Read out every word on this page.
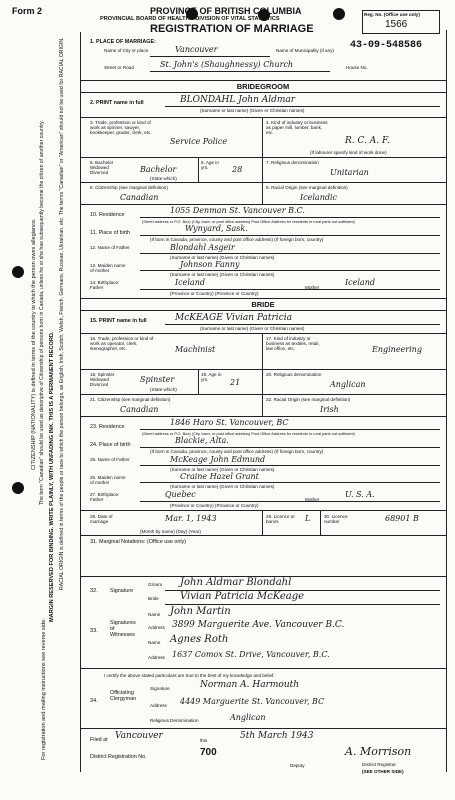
Form 2	PROVINCE OF BRITISH COLUMBIA
PROVINCIAL BOARD OF HEALTH—DIVISION OF VITAL STATISTICS
REGISTRATION OF MARRIAGE
Reg. No. (Office use only)
1566
43-09-548586
CITIZENSHIP (NATIONALITY) is defined in terms of the country to which the person owes allegiance. The term "Canadian" should be used as descriptive of Citizenship of persons born in Canada, unless he or she has subsequently become the citizen of another country.	RACIAL ORIGIN is defined in terms of the people or race to which the person belongs, as English, Irish, Scotch, Welsh, French, Germans, Russian, Ukrainian, etc. The terms "Canadian" or "American" should not be used for RACIAL ORIGIN.
MARGIN RESERVED FOR BINDING. WRITE PLAINLY, WITH UNFADING INK. THIS IS A PERMANENT RECORD.
For registration and mailing instructions see reverse side.
1. PLACE OF MARRIAGE:
Name of City or place	Vancouver	Name of Municipality (if any)
Street or Road	St. John's (Shaughnessy) Church	House No.
BRIDEGROOM
2. PRINT name in full	BLONDAHL John Aldmar
(Surname or last name) (Given or Christian names)
3. Trade, profession or kind of work as spinner, sawyer, bookkeeper, grader, clerk, etc.
Service Police
4. Kind of industry or business as paper mill, lumber, bank, etc.
R. C. A. F.
(If labourer specify kind of work done)
5. Bachelor Widowed Divorced	Bachelor
(State which)
6. Age in yrs.	28
7. Religious denomination
Unitarian
8. Citizenship (see marginal definition)
Canadian
9. Racial Origin (see marginal definition)
Icelandic
10. Residence	1055 Denman St. Vancouver B.C.
(Street address or P.O. Box) (City, town, or post office address) Post Office Address for residents in rural parts not sufficient)
11. Place of birth	Wynyard, Sask.
(If born in Canada, province, county and post office address) (If foreign born, country)
12. Name of Father	Blondahl Asgeir
(Surname or last name) (Given or Christian names)
13. Maiden name of mother
Johnson Fanny
(Surname or last name) (Given or Christian names)
14. Birthplace: Father
Iceland
Mother
Iceland
(Province or Country) (Province or Country)
BRIDE
15. PRINT name in full	McKEAGE Vivian Patricia
(Surname or last name) (Given or Christian names)
16. Trade, profession or kind of work as operator, clerk, stenographer, etc.	Machinist
17. Kind of industry or business as textiles, retail, law office, etc.	Engineering
18. Spinster Widowed Divorced
Spinster
(State which)
19. Age in yrs.	21
20. Religious denomination
Anglican
21. Citizenship (see marginal definition)
Canadian
22. Racial Origin (see marginal definition)
Irish
23. Residence	1846 Haro St. Vancouver, BC
(Street address or P.O. Box) (City, town, or post office address) Post Office Address for residents in rural parts not sufficient)
24. Place of birth	Blackie, Alta.
(If born in Canada, province, county and post office address) (If foreign born, country)
25. Name of Father	McKeage John Edmund
(Surname or last name) (Given or Christian names)
26. Maiden name of mother
Craine Hazel Grant
(Surname or last name) (Given or Christian names)
27. Birthplace: Father
Quebec
Mother
U. S. A.
(Province or Country) (Province or Country)
28. Date of marriage	Mar. 1, 1943
(Month by name) (Day) (Year)
29. Licence or banns	L	30. Licence number	68901 B
31. Marginal Notations: (Office use only)
32. Signature
Groom John Aldmar Blondahl
Bride Vivian Patricia McKeage
33.
Signatures of Witnesses
Name John Martin
Address 3899 Marguerite Ave. Vancouver B.C.
Name Agnes Roth
Address 1637 Comox St. Drive, Vancouver, B.C.
I certify the above stated particulars are true to the best of my knowledge and belief.
34.
Officiating Clergyman
Signature	Norman A. Harmouth
Address 4449 Marguerite St. Vancouver, BC
Religious Denomination	Anglican
Filed at Vancouver	this	5th March 1943
District Registration No.	700	A. Morrison
Deputy	District Registrar
(SEE OTHER SIDE)
